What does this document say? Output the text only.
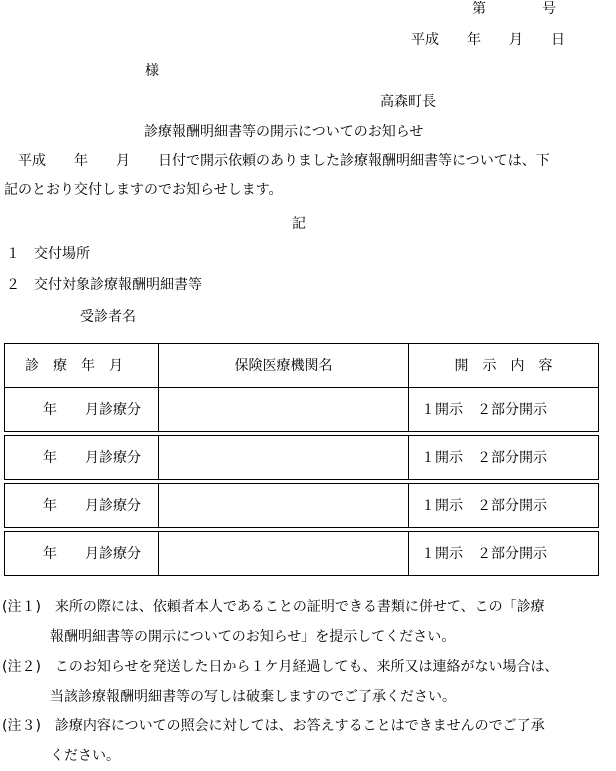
第　　　　号
平成　　年　　月　　日
様
高森町長
診療報酬明細書等の開示についてのお知らせ
　平成　　年　　月　　日付で開示依頼のありました診療報酬明細書等については、下
記のとおり交付しますのでお知らせします。
記
１　交付場所
２　交付対象診療報酬明細書等
受診者名
診　療　年　月	保険医療機関名	開　示　内　容
年　　月診療分		１開示　２部分開示

年　　月診療分		１開示　２部分開示

年　　月診療分		１開示　２部分開示

年　　月診療分		１開示　２部分開示
(注１)　来所の際には、依頼者本人であることの証明できる書類に併せて、この「診療
報酬明細書等の開示についてのお知らせ」を提示してください。
(注２)　このお知らせを発送した日から１ケ月経過しても、来所又は連絡がない場合は、
当該診療報酬明細書等の写しは破棄しますのでご了承ください。
(注３)　診療内容についての照会に対しては、お答えすることはできませんのでご了承
ください。
